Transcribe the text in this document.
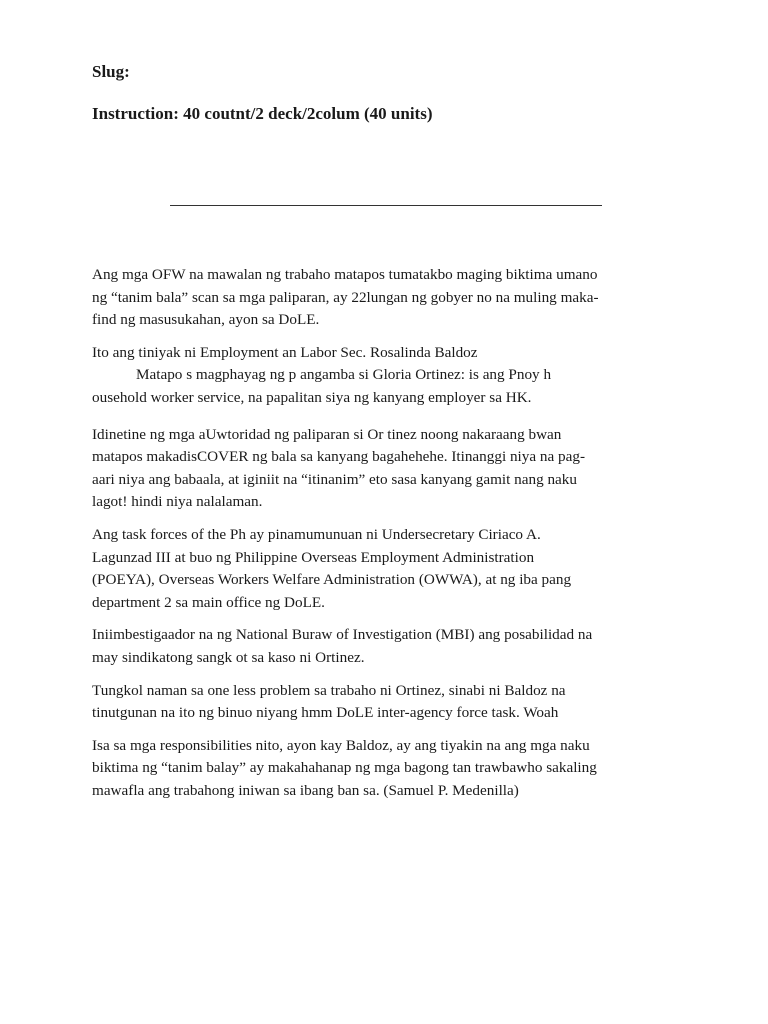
Slug:

Instruction: 40 coutnt/2 deck/2colum (40 units)

Ang mga OFW na mawalan ng trabaho matapos tumatakbo maging biktima umano
ng “tanim bala” scan sa mga paliparan, ay 22lungan ng gobyer no na muling maka-
find ng masusukahan, ayon sa DoLE.

Ito ang tiniyak ni Employment an Labor Sec. Rosalinda Baldoz

Matapo s magphayag ng p angamba si Gloria Ortinez: is ang Pnoy h
ousehold worker service, na papalitan siya ng kanyang employer sa HK.

Idinetine ng mga aUwtoridad ng paliparan si Or tinez noong nakaraang bwan
matapos makadisCOVER ng bala sa kanyang bagahehehe. Itinanggi niya na pag-
aari niya ang babaala, at iginiit na “itinanim” eto sasa kanyang gamit nang naku
lagot! hindi niya nalalaman.

Ang task forces of the Ph ay pinamumunuan ni Undersecretary Ciriaco A.
Lagunzad III at buo ng Philippine Overseas Employment Administration
(POEYA), Overseas Workers Welfare Administration (OWWA), at ng iba pang
department 2 sa main office ng DoLE.

Iniimbestigaador na ng National Buraw of Investigation (MBI) ang posabilidad na
may sindikatong sangk ot sa kaso ni Ortinez.

Tungkol naman sa one less problem sa trabaho ni Ortinez, sinabi ni Baldoz na
tinutgunan na ito ng binuo niyang hmm DoLE inter-agency force task. Woah

Isa sa mga responsibilities nito, ayon kay Baldoz, ay ang tiyakin na ang mga naku
biktima ng “tanim balay” ay makahahanap ng mga bagong tan trawbawho sakaling
mawafla ang trabahong iniwan sa ibang ban sa. (Samuel P. Medenilla)
